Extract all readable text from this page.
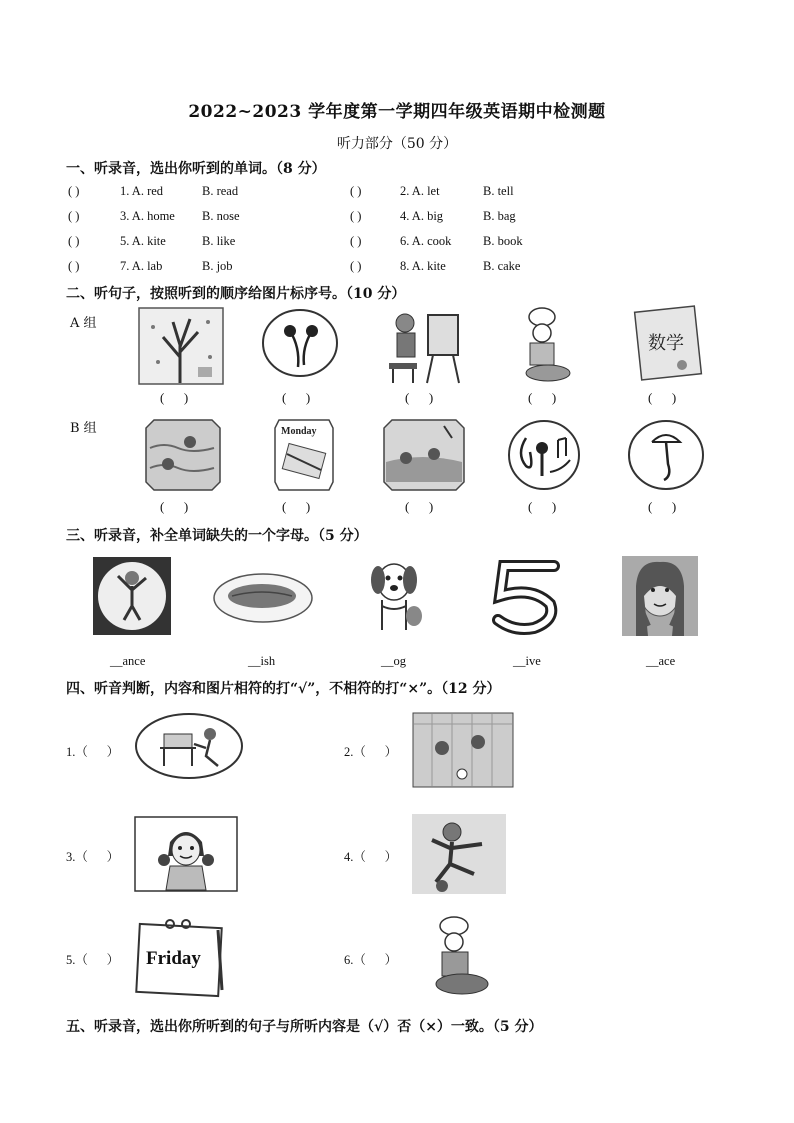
2022~2023 学年度第一学期四年级英语期中检测题
听力部分（50 分）
一、听录音，选出你听到的单词。（8 分）
( )	1. A. red	B. read	( )	2. A. let	B. tell
( )	3. A. home B. nose	( )	4. A. big	B. bag
( )	5. A. kite	B. like	( )	6. A. cook	B. book
( )	7. A. lab	B. job	( )	8. A. kite	B. cake
二、听句子，按照听到的顺序给图片标序号。（10 分）
A 组
B 组
数学
(      )	(      )	(      )	(      )	(      )
Monday
(      )	(      )	(      )	(      )	(      )
三、听录音，补全单词缺失的一个字母。（5 分）
__ance	__ish	__og	__ive	__ace
四、听音判断，内容和图片相符的打“√”，不相符的打“×”。（12 分）
1.（      ）	2.（      ）
3.（      ）	4.（      ）
5.（      ）	6.（      ）
Friday
五、听录音，选出你所听到的句子与所听内容是（√）否（×）一致。（5 分）
